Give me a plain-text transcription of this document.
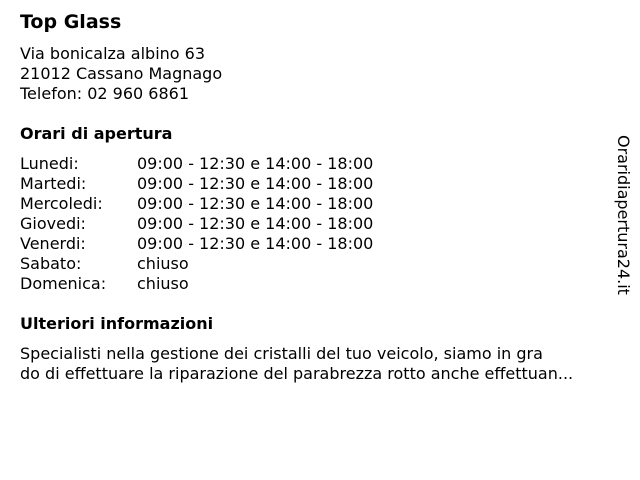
Top Glass
Via bonicalza albino 63
21012 Cassano Magnago
Telefon: 02 960 6861
Orari di apertura
Lunedi:	09:00 - 12:30 e 14:00 - 18:00
Martedi:	09:00 - 12:30 e 14:00 - 18:00
Mercoledi: 09:00 - 12:30 e 14:00 - 18:00
Giovedi:	09:00 - 12:30 e 14:00 - 18:00
Venerdi:	09:00 - 12:30 e 14:00 - 18:00
Sabato:	chiuso
Domenica: chiuso
Ulteriori informazioni
Specialisti nella gestione dei cristalli del tuo veicolo, siamo in gra
do di effettuare la riparazione del parabrezza rotto anche effettuan...
Oraridiapertura24.it
